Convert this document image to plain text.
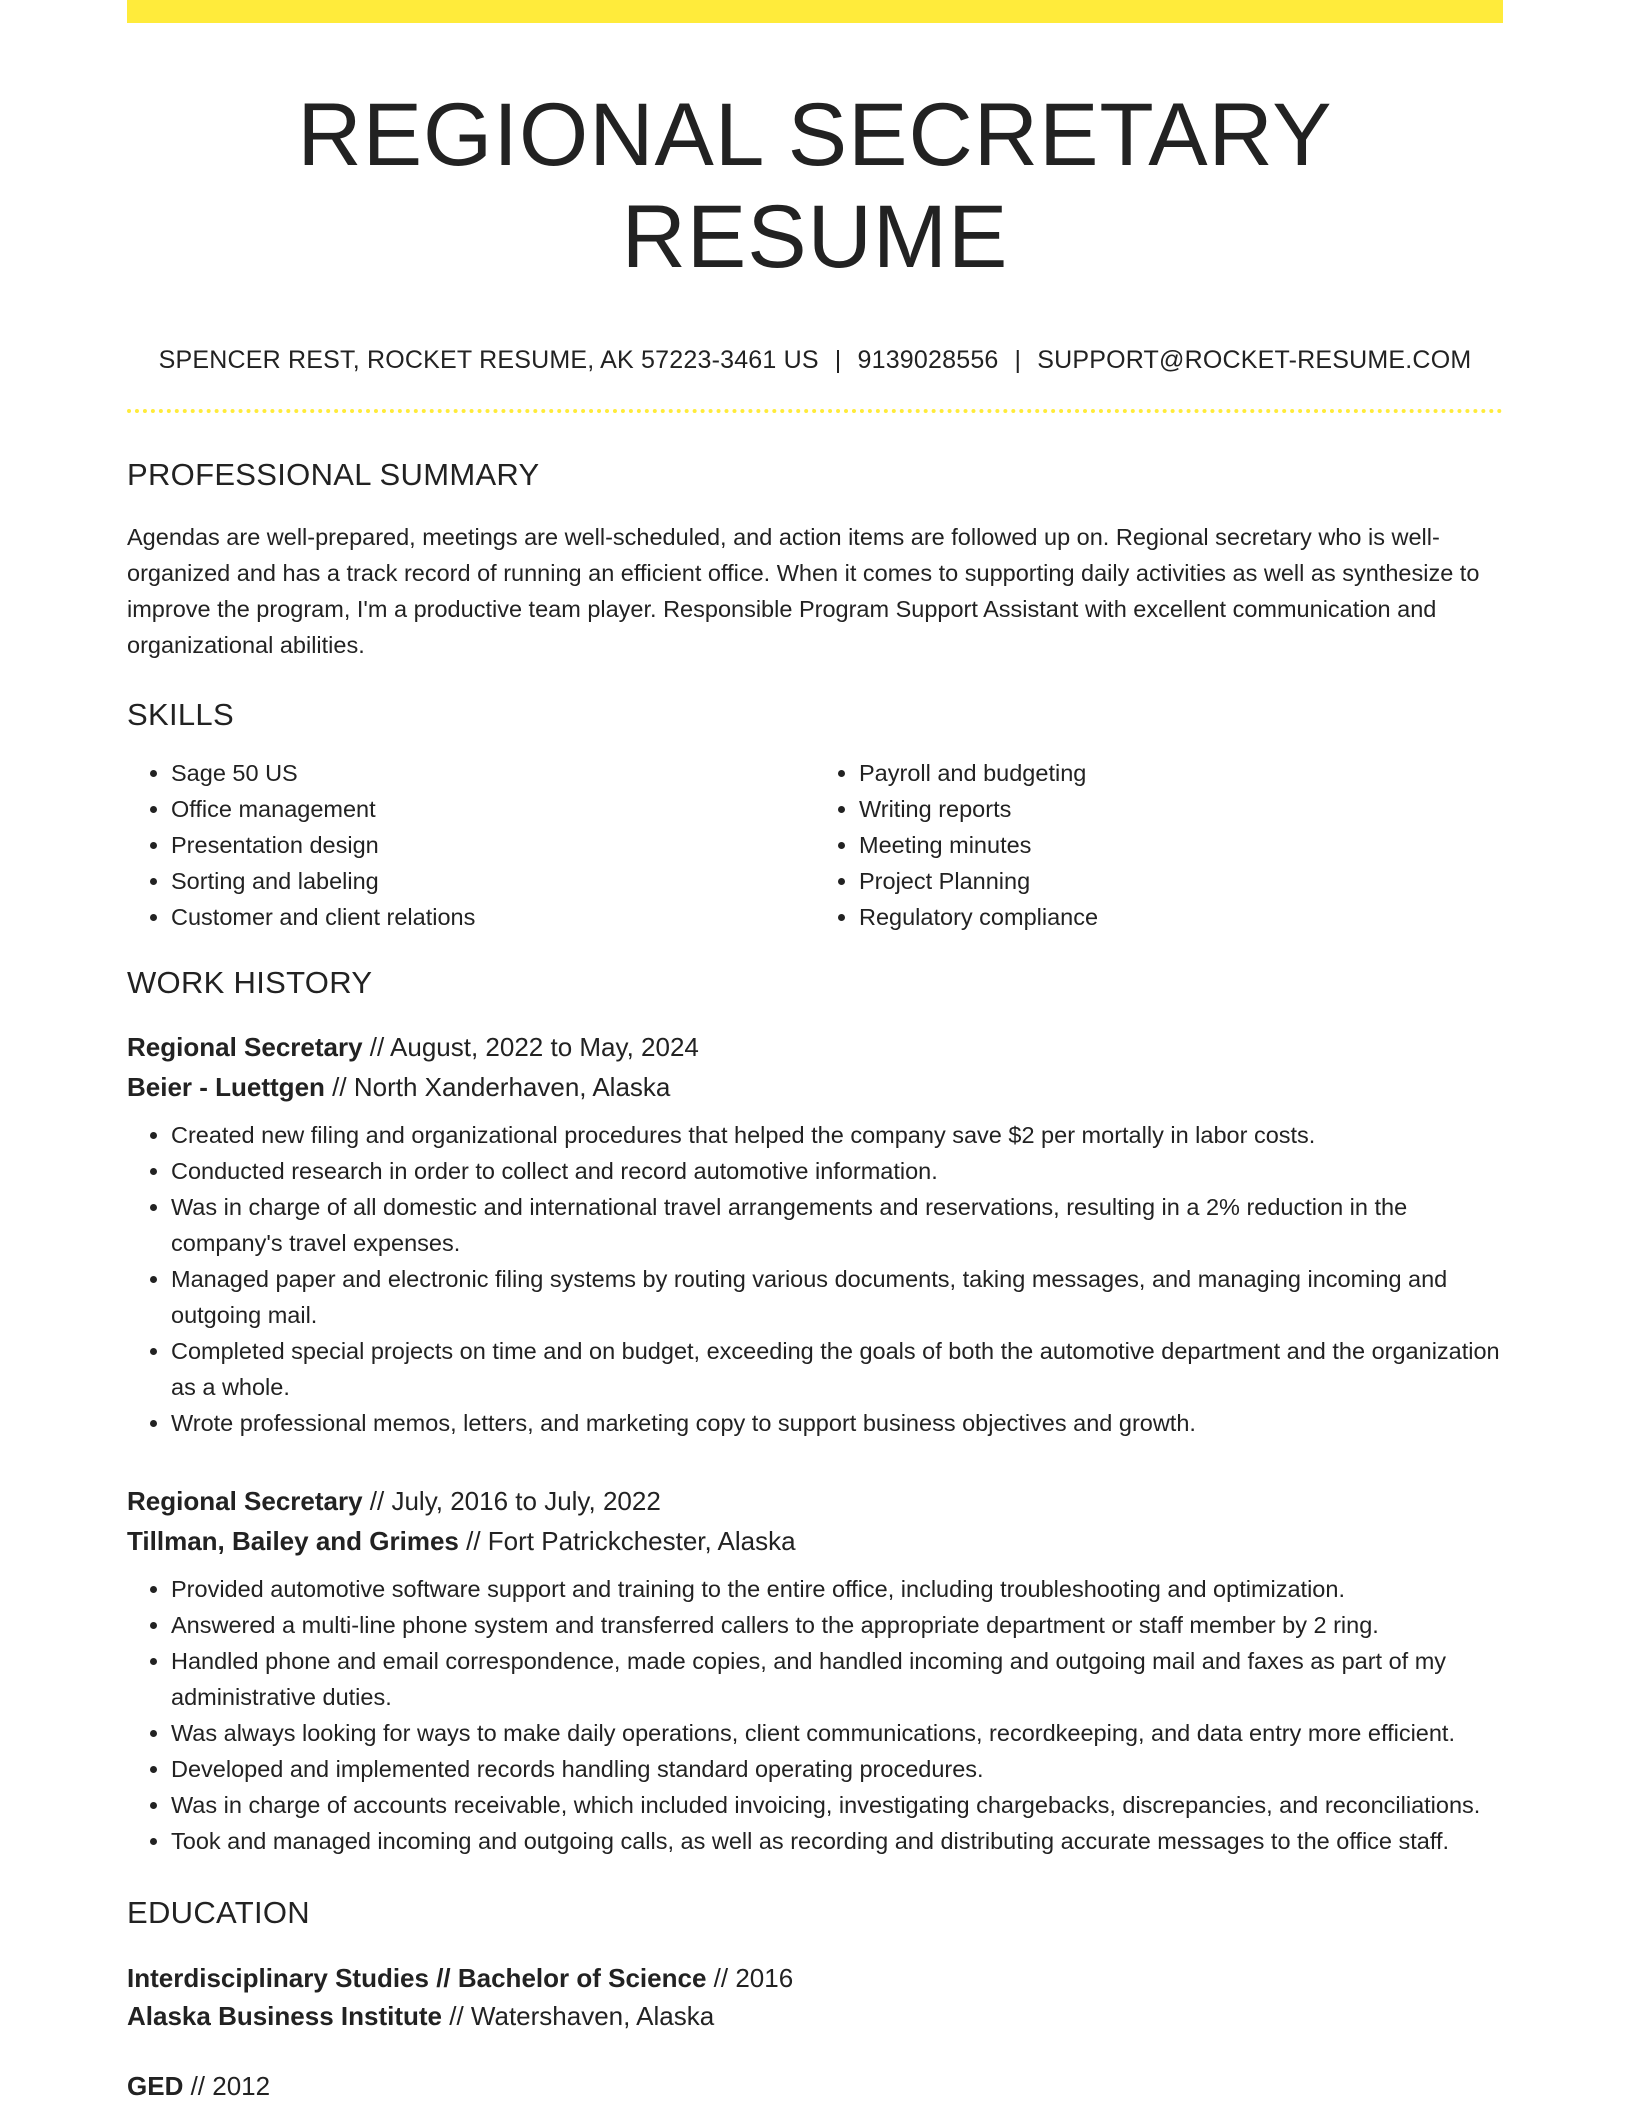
REGIONAL SECRETARY RESUME
SPENCER REST, ROCKET RESUME, AK 57223-3461 US | 9139028556 | SUPPORT@ROCKET-RESUME.COM
PROFESSIONAL SUMMARY
Agendas are well-prepared, meetings are well-scheduled, and action items are followed up on. Regional secretary who is well-organized and has a track record of running an efficient office. When it comes to supporting daily activities as well as synthesize to improve the program, I'm a productive team player. Responsible Program Support Assistant with excellent communication and organizational abilities.
SKILLS
• Sage 50 US
• Office management
• Presentation design
• Sorting and labeling
• Customer and client relations
• Payroll and budgeting
• Writing reports
• Meeting minutes
• Project Planning
• Regulatory compliance
WORK HISTORY
Regional Secretary // August, 2022 to May, 2024
Beier - Luettgen // North Xanderhaven, Alaska
• Created new filing and organizational procedures that helped the company save $2 per mortally in labor costs.
• Conducted research in order to collect and record automotive information.
• Was in charge of all domestic and international travel arrangements and reservations, resulting in a 2% reduction in the company's travel expenses.
• Managed paper and electronic filing systems by routing various documents, taking messages, and managing incoming and outgoing mail.
• Completed special projects on time and on budget, exceeding the goals of both the automotive department and the organization as a whole.
• Wrote professional memos, letters, and marketing copy to support business objectives and growth.
Regional Secretary // July, 2016 to July, 2022
Tillman, Bailey and Grimes // Fort Patrickchester, Alaska
• Provided automotive software support and training to the entire office, including troubleshooting and optimization.
• Answered a multi-line phone system and transferred callers to the appropriate department or staff member by 2 ring.
• Handled phone and email correspondence, made copies, and handled incoming and outgoing mail and faxes as part of my administrative duties.
• Was always looking for ways to make daily operations, client communications, recordkeeping, and data entry more efficient.
• Developed and implemented records handling standard operating procedures.
• Was in charge of accounts receivable, which included invoicing, investigating chargebacks, discrepancies, and reconciliations.
• Took and managed incoming and outgoing calls, as well as recording and distributing accurate messages to the office staff.
EDUCATION
Interdisciplinary Studies // Bachelor of Science // 2016
Alaska Business Institute // Watershaven, Alaska
GED // 2012
